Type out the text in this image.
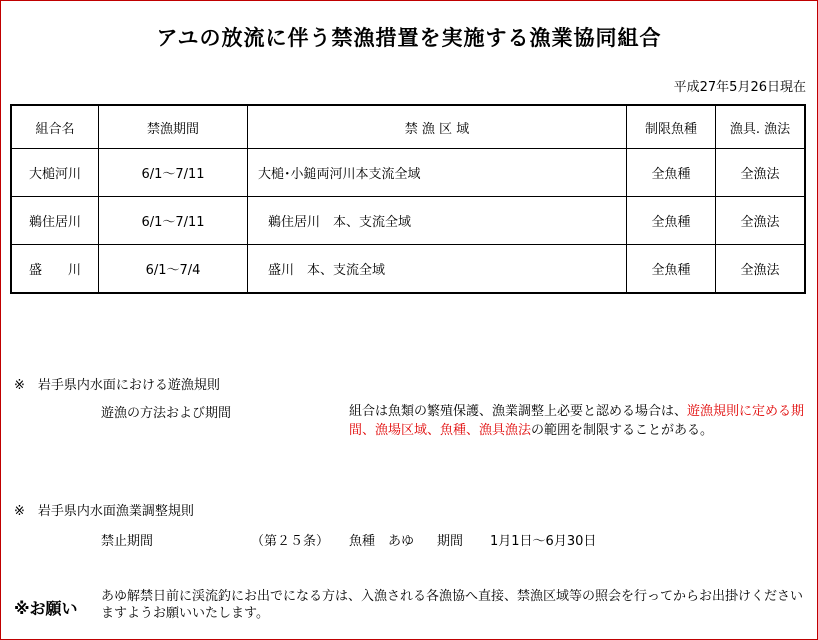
アユの放流に伴う禁漁措置を実施する漁業協同組合
平成27年5月26日現在
組合名	禁漁期間	禁 漁 区 域	制限魚種	漁具. 漁法
大槌河川	6/1～7/11	大槌･小鎚両河川本支流全域	全魚種	全漁法
鵜住居川	6/1～7/11	鵜住居川　本、支流全域	全魚種	全漁法
盛　　川	6/1～7/4	盛川　本、支流全域	全魚種	全漁法
※　岩手県内水面における遊漁規則
遊漁の方法および期間	組合は魚類の繁殖保護、漁業調整上必要と認める場合は、遊漁規則に定める期間、漁場区域、魚種、漁具漁法の範囲を制限することがある。
※　岩手県内水面漁業調整規則
禁止期間	（第２５条） 魚種　あゆ 期間 1月1日～6月30日
※お願い
あゆ解禁日前に渓流釣にお出でになる方は、入漁される各漁協へ直接、禁漁区域等の照会を行ってからお出掛けくださいますようお願いいたします。
